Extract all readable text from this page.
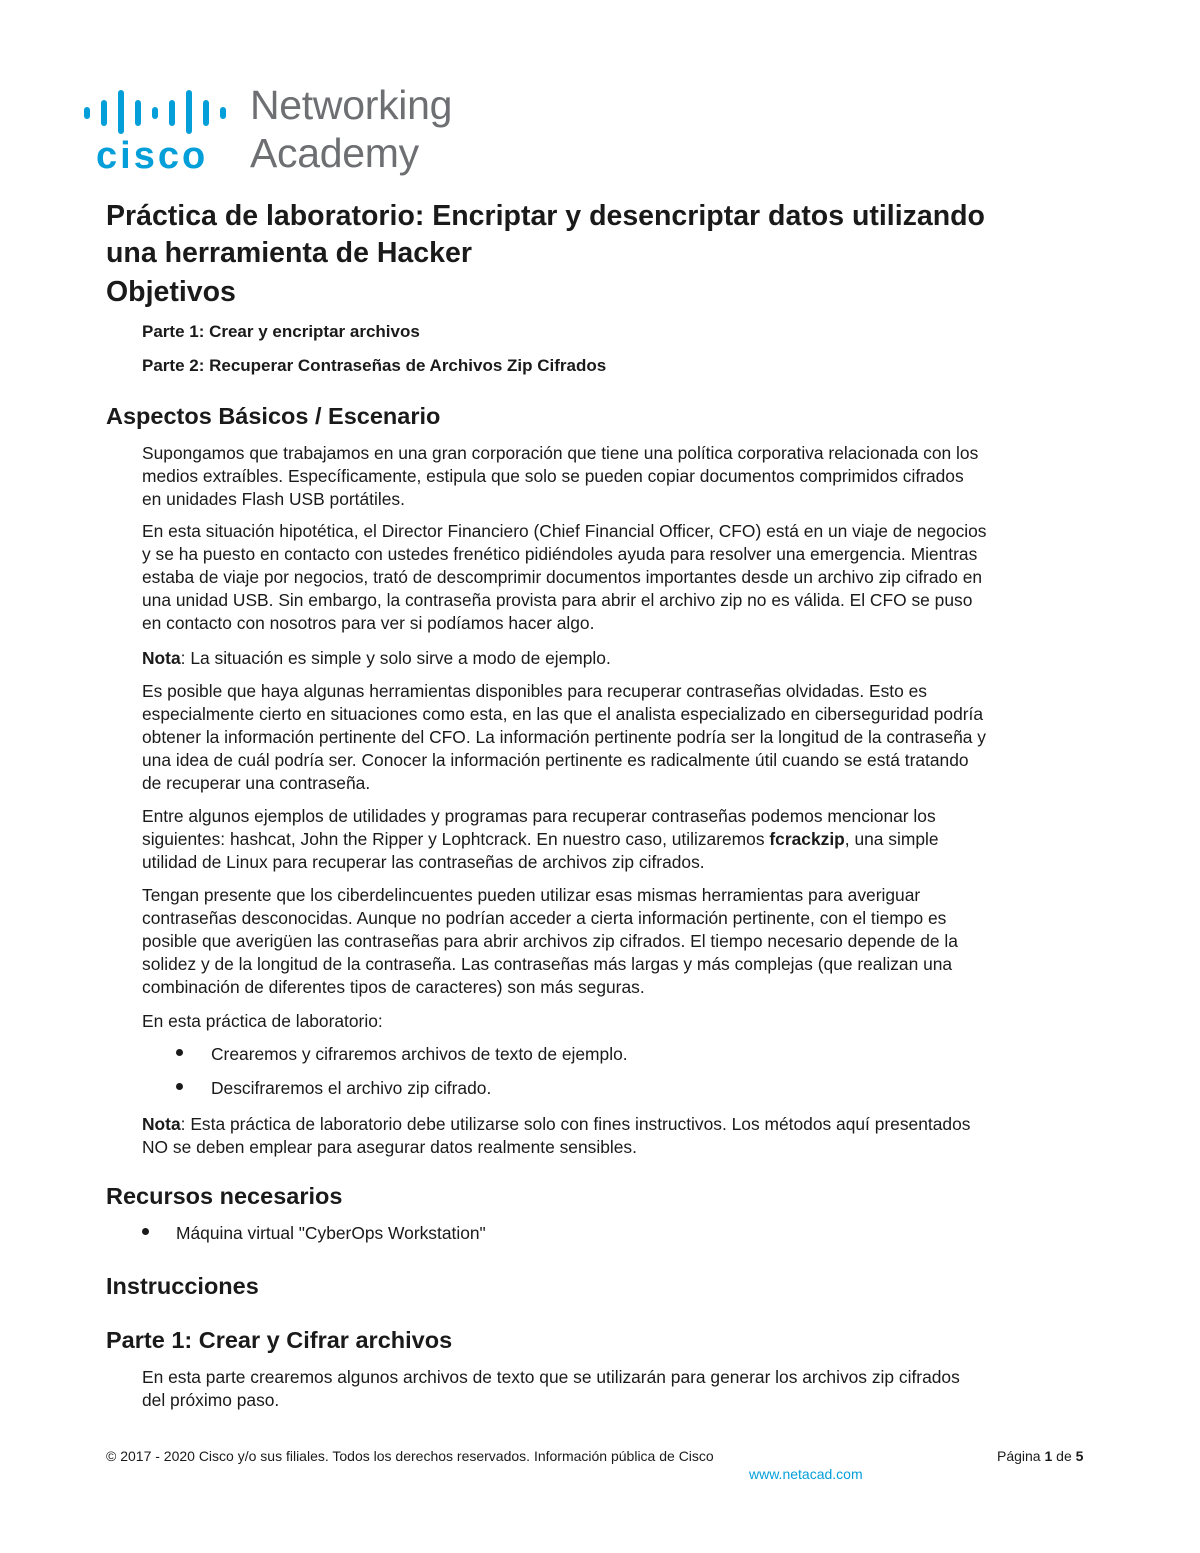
cisco
Networking
Academy
Práctica de laboratorio: Encriptar y desencriptar datos utilizando
una herramienta de Hacker
Objetivos

Parte 1: Crear y encriptar archivos

Parte 2: Recuperar Contraseñas de Archivos Zip Cifrados

Aspectos Básicos / Escenario

Supongamos que trabajamos en una gran corporación que tiene una política corporativa relacionada con los
medios extraíbles. Específicamente, estipula que solo se pueden copiar documentos comprimidos cifrados
en unidades Flash USB portátiles.

En esta situación hipotética, el Director Financiero (Chief Financial Officer, CFO) está en un viaje de negocios
y se ha puesto en contacto con ustedes frenético pidiéndoles ayuda para resolver una emergencia. Mientras
estaba de viaje por negocios, trató de descomprimir documentos importantes desde un archivo zip cifrado en
una unidad USB. Sin embargo, la contraseña provista para abrir el archivo zip no es válida. El CFO se puso
en contacto con nosotros para ver si podíamos hacer algo.

Nota: La situación es simple y solo sirve a modo de ejemplo.

Es posible que haya algunas herramientas disponibles para recuperar contraseñas olvidadas. Esto es
especialmente cierto en situaciones como esta, en las que el analista especializado en ciberseguridad podría
obtener la información pertinente del CFO. La información pertinente podría ser la longitud de la contraseña y
una idea de cuál podría ser. Conocer la información pertinente es radicalmente útil cuando se está tratando
de recuperar una contraseña.

Entre algunos ejemplos de utilidades y programas para recuperar contraseñas podemos mencionar los
siguientes: hashcat, John the Ripper y Lophtcrack. En nuestro caso, utilizaremos fcrackzip, una simple
utilidad de Linux para recuperar las contraseñas de archivos zip cifrados.

Tengan presente que los ciberdelincuentes pueden utilizar esas mismas herramientas para averiguar
contraseñas desconocidas. Aunque no podrían acceder a cierta información pertinente, con el tiempo es
posible que averigüen las contraseñas para abrir archivos zip cifrados. El tiempo necesario depende de la
solidez y de la longitud de la contraseña. Las contraseñas más largas y más complejas (que realizan una
combinación de diferentes tipos de caracteres) son más seguras.

En esta práctica de laboratorio:

Crearemos y cifraremos archivos de texto de ejemplo.

Descifraremos el archivo zip cifrado.

Nota: Esta práctica de laboratorio debe utilizarse solo con fines instructivos. Los métodos aquí presentados
NO se deben emplear para asegurar datos realmente sensibles.

Recursos necesarios

Máquina virtual "CyberOps Workstation"

Instrucciones
Parte 1: Crear y Cifrar archivos

En esta parte crearemos algunos archivos de texto que se utilizarán para generar los archivos zip cifrados
del próximo paso.

© 2017 - 2020 Cisco y/o sus filiales. Todos los derechos reservados. Información pública de Cisco	Página 1 de 5
www.netacad.com
